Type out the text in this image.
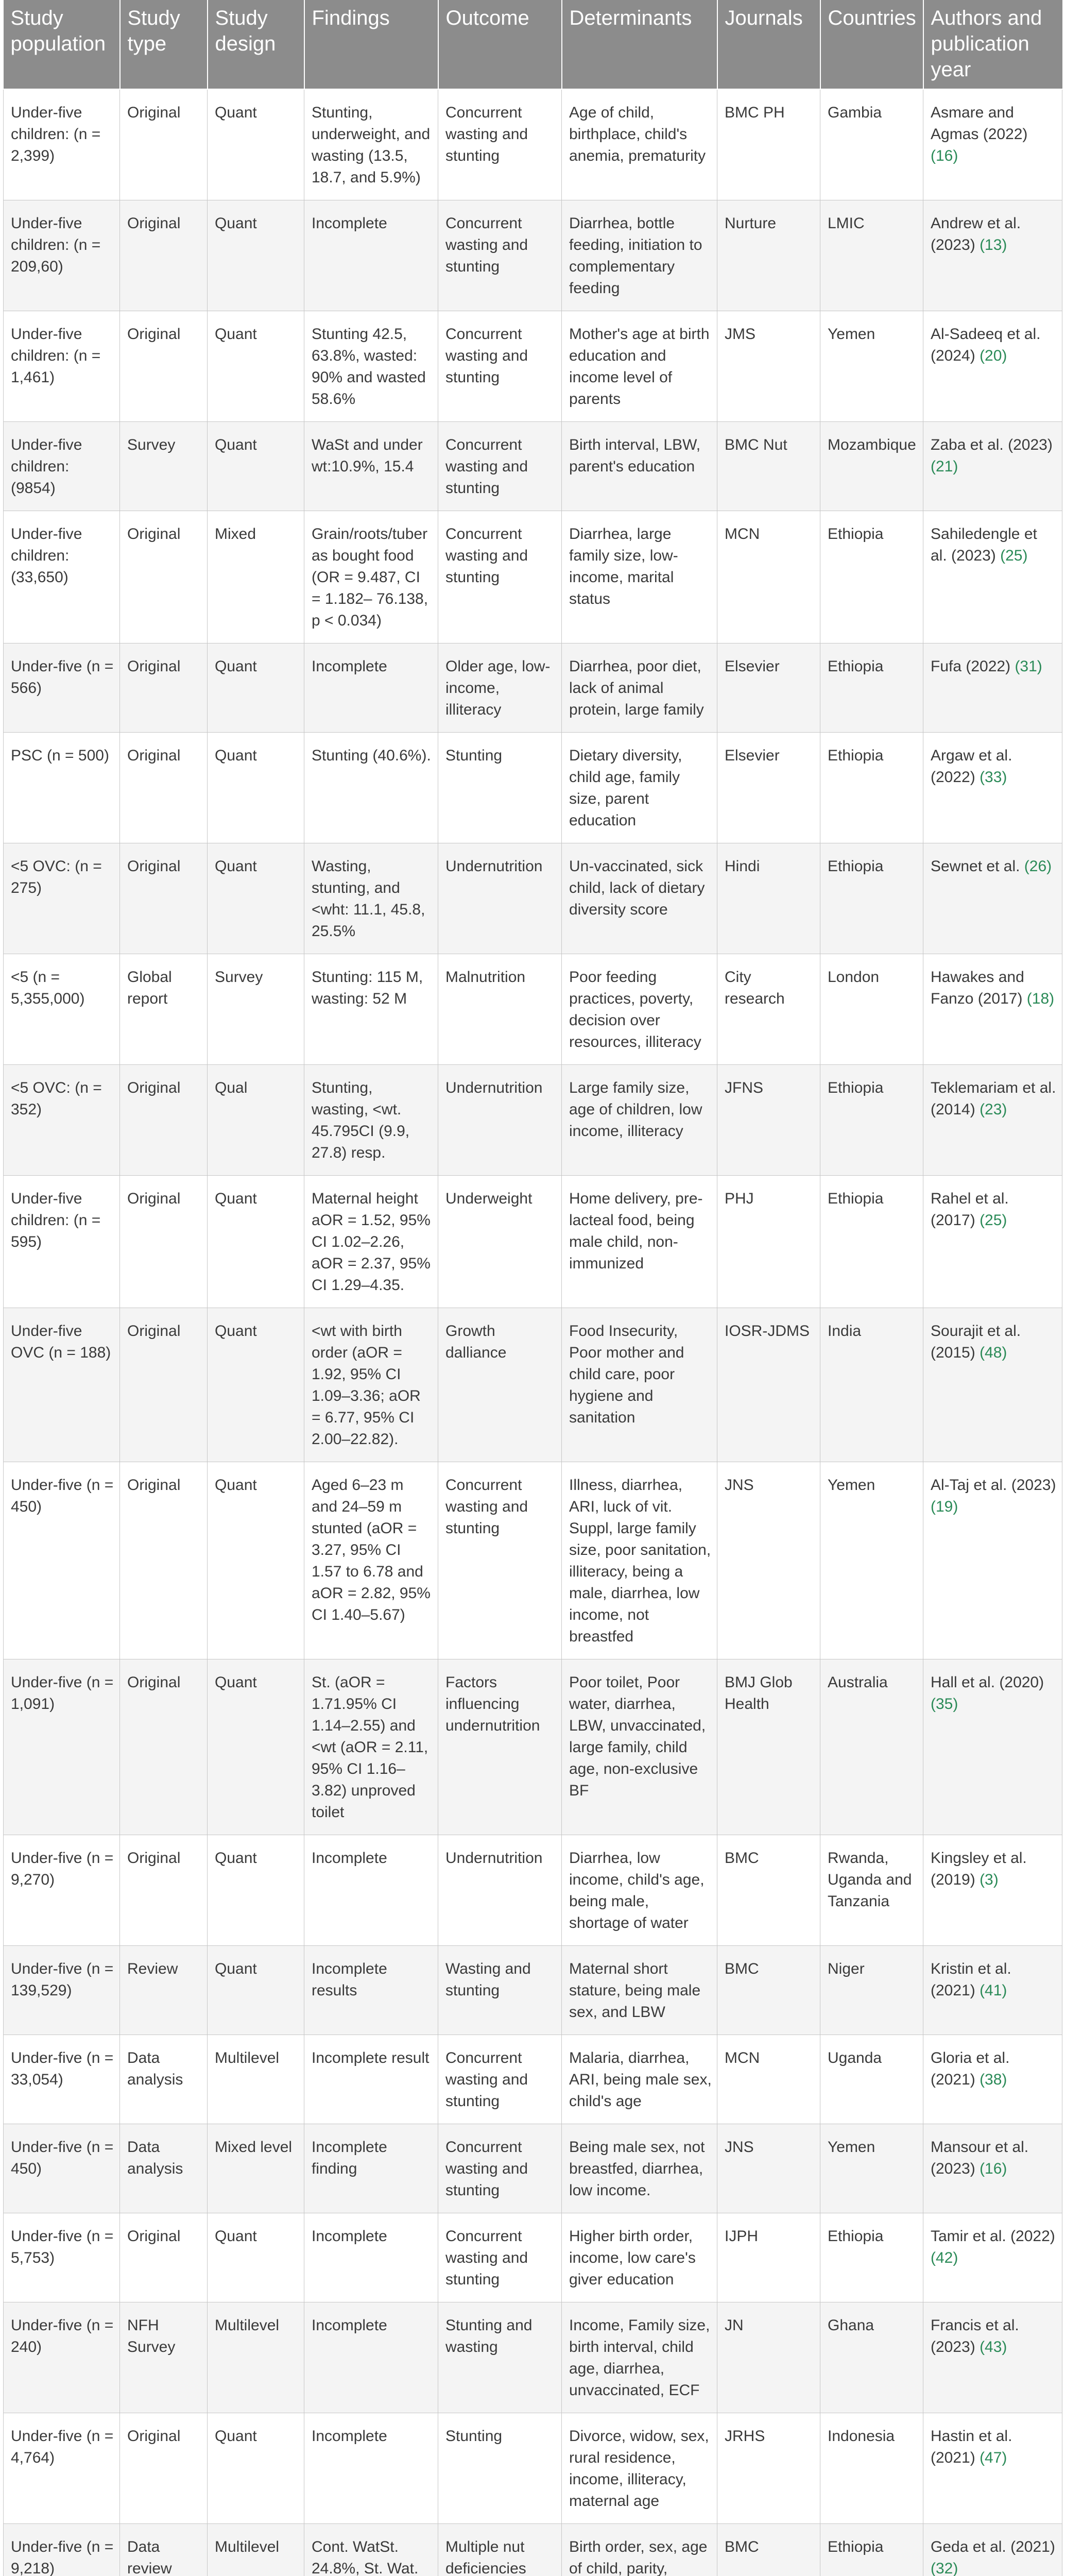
Study population	Study type	Study design	Findings	Outcome	Determinants	Journals	Countries	Authors and publication year
Under-five children: (n = 2,399)	Original	Quant	Stunting, underweight, and wasting (13.5, 18.7, and 5.9%)	Concurrent wasting and stunting	Age of child, birthplace, child's anemia, prematurity	BMC PH	Gambia	Asmare and Agmas (2022) (16)
Under-five children: (n = 209,60)	Original	Quant	Incomplete	Concurrent wasting and stunting	Diarrhea, bottle feeding, initiation to complementary feeding	Nurture	LMIC	Andrew et al. (2023) (13)
Under-five children: (n = 1,461)	Original	Quant	Stunting 42.5, 63.8%, wasted: 90% and wasted 58.6%	Concurrent wasting and stunting	Mother's age at birth education and income level of parents	JMS	Yemen	Al-Sadeeq et al. (2024) (20)
Under-five children: (9854)	Survey	Quant	WaSt and under wt:10.9%, 15.4	Concurrent wasting and stunting	Birth interval, LBW, parent's education	BMC Nut	Mozambique	Zaba et al. (2023) (21)
Under-five children: (33,650)	Original	Mixed	Grain/roots/tuber as bought food (OR = 9.487, CI = 1.182– 76.138, p < 0.034)	Concurrent wasting and stunting	Diarrhea, large family size, low-income, marital status	MCN	Ethiopia	Sahiledengle et al. (2023) (25)
Under-five (n = 566)	Original	Quant	Incomplete	Older age, low-income, illiteracy	Diarrhea, poor diet, lack of animal protein, large family	Elsevier	Ethiopia	Fufa (2022) (31)
PSC (n = 500)	Original	Quant	Stunting (40.6%).	Stunting	Dietary diversity, child age, family size, parent education	Elsevier	Ethiopia	Argaw et al. (2022) (33)
<5 OVC: (n = 275)	Original	Quant	Wasting, stunting, and <wht: 11.1, 45.8, 25.5%	Undernutrition	Un-vaccinated, sick child, lack of dietary diversity score	Hindi	Ethiopia	Sewnet et al. (26)
<5 (n = 5,355,000)	Global report	Survey	Stunting: 115 M, wasting: 52 M	Malnutrition	Poor feeding practices, poverty, decision over resources, illiteracy	City research	London	Hawakes and Fanzo (2017) (18)
<5 OVC: (n = 352)	Original	Qual	Stunting, wasting, <wt. 45.795CI (9.9, 27.8) resp.	Undernutrition	Large family size, age of children, low income, illiteracy	JFNS	Ethiopia	Teklemariam et al. (2014) (23)
Under-five children: (n = 595)	Original	Quant	Maternal height aOR = 1.52, 95% CI 1.02–2.26, aOR = 2.37, 95% CI 1.29–4.35.	Underweight	Home delivery, pre-lacteal food, being male child, non-immunized	PHJ	Ethiopia	Rahel et al. (2017) (25)
Under-five OVC (n = 188)	Original	Quant	<wt with birth order (aOR = 1.92, 95% CI 1.09–3.36; aOR = 6.77, 95% CI 2.00–22.82).	Growth dalliance	Food Insecurity, Poor mother and child care, poor hygiene and sanitation	IOSR-JDMS	India	Sourajit et al. (2015) (48)
Under-five (n = 450)	Original	Quant	Aged 6–23 m and 24–59 m stunted (aOR = 3.27, 95% CI 1.57 to 6.78 and aOR = 2.82, 95% CI 1.40–5.67)	Concurrent wasting and stunting	Illness, diarrhea, ARI, luck of vit. Suppl, large family size, poor sanitation, illiteracy, being a male, diarrhea, low income, not breastfed	JNS	Yemen	Al-Taj et al. (2023) (19)
Under-five (n = 1,091)	Original	Quant	St. (aOR = 1.71.95% CI 1.14–2.55) and <wt (aOR = 2.11, 95% CI 1.16–3.82) unproved toilet	Factors influencing undernutrition	Poor toilet, Poor water, diarrhea, LBW, unvaccinated, large family, child age, non-exclusive BF	BMJ Glob Health	Australia	Hall et al. (2020) (35)
Under-five (n = 9,270)	Original	Quant	Incomplete	Undernutrition	Diarrhea, low income, child's age, being male, shortage of water	BMC	Rwanda, Uganda and Tanzania	Kingsley et al. (2019) (3)
Under-five (n = 139,529)	Review	Quant	Incomplete results	Wasting and stunting	Maternal short stature, being male sex, and LBW	BMC	Niger	Kristin et al. (2021) (41)
Under-five (n = 33,054)	Data analysis	Multilevel	Incomplete result	Concurrent wasting and stunting	Malaria, diarrhea, ARI, being male sex, child's age	MCN	Uganda	Gloria et al. (2021) (38)
Under-five (n = 450)	Data analysis	Mixed level	Incomplete finding	Concurrent wasting and stunting	Being male sex, not breastfed, diarrhea, low income.	JNS	Yemen	Mansour et al. (2023) (16)
Under-five (n = 5,753)	Original	Quant	Incomplete	Concurrent wasting and stunting	Higher birth order, income, low care's giver education	IJPH	Ethiopia	Tamir et al. (2022) (42)
Under-five (n = 240)	NFH Survey	Multilevel	Incomplete	Stunting and wasting	Income, Family size, birth interval, child age, diarrhea, unvaccinated, ECF	JN	Ghana	Francis et al. (2023) (43)
Under-five (n = 4,764)	Original	Quant	Incomplete	Stunting	Divorce, widow, sex, rural residence, income, illiteracy, maternal age	JRHS	Indonesia	Hastin et al. (2021) (47)
Under-five (n = 9,218)	Data review	Multilevel	Cont. WatSt. 24.8%, St. Wat.	Multiple nut deficiencies	Birth order, sex, age of child, parity,	BMC	Ethiopia	Geda et al. (2021) (32)
